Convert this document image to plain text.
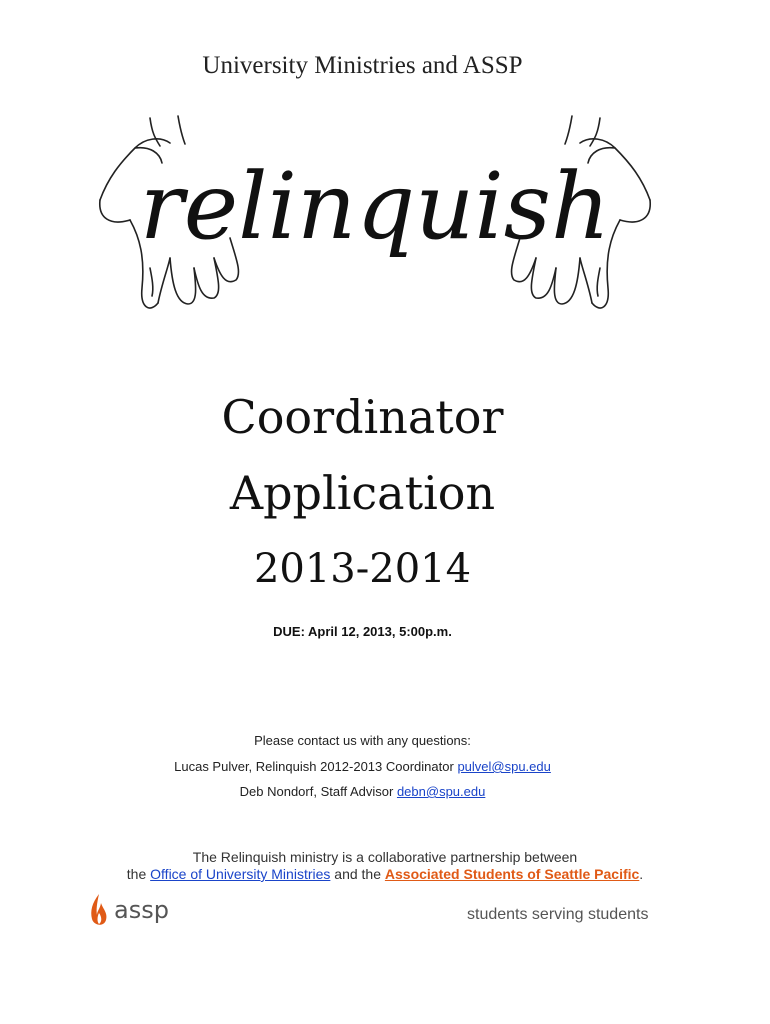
University Ministries and ASSP
relinquish
Coordinator
Application
2013-2014
DUE: April 12, 2013, 5:00p.m.
Please contact us with any questions:
Lucas Pulver, Relinquish 2012-2013 Coordinator pulvel@spu.edu
Deb Nondorf, Staff Advisor debn@spu.edu
The Relinquish ministry is a collaborative partnership between
the Office of University Ministries and the Associated Students of Seattle Pacific.
assp	students serving students
